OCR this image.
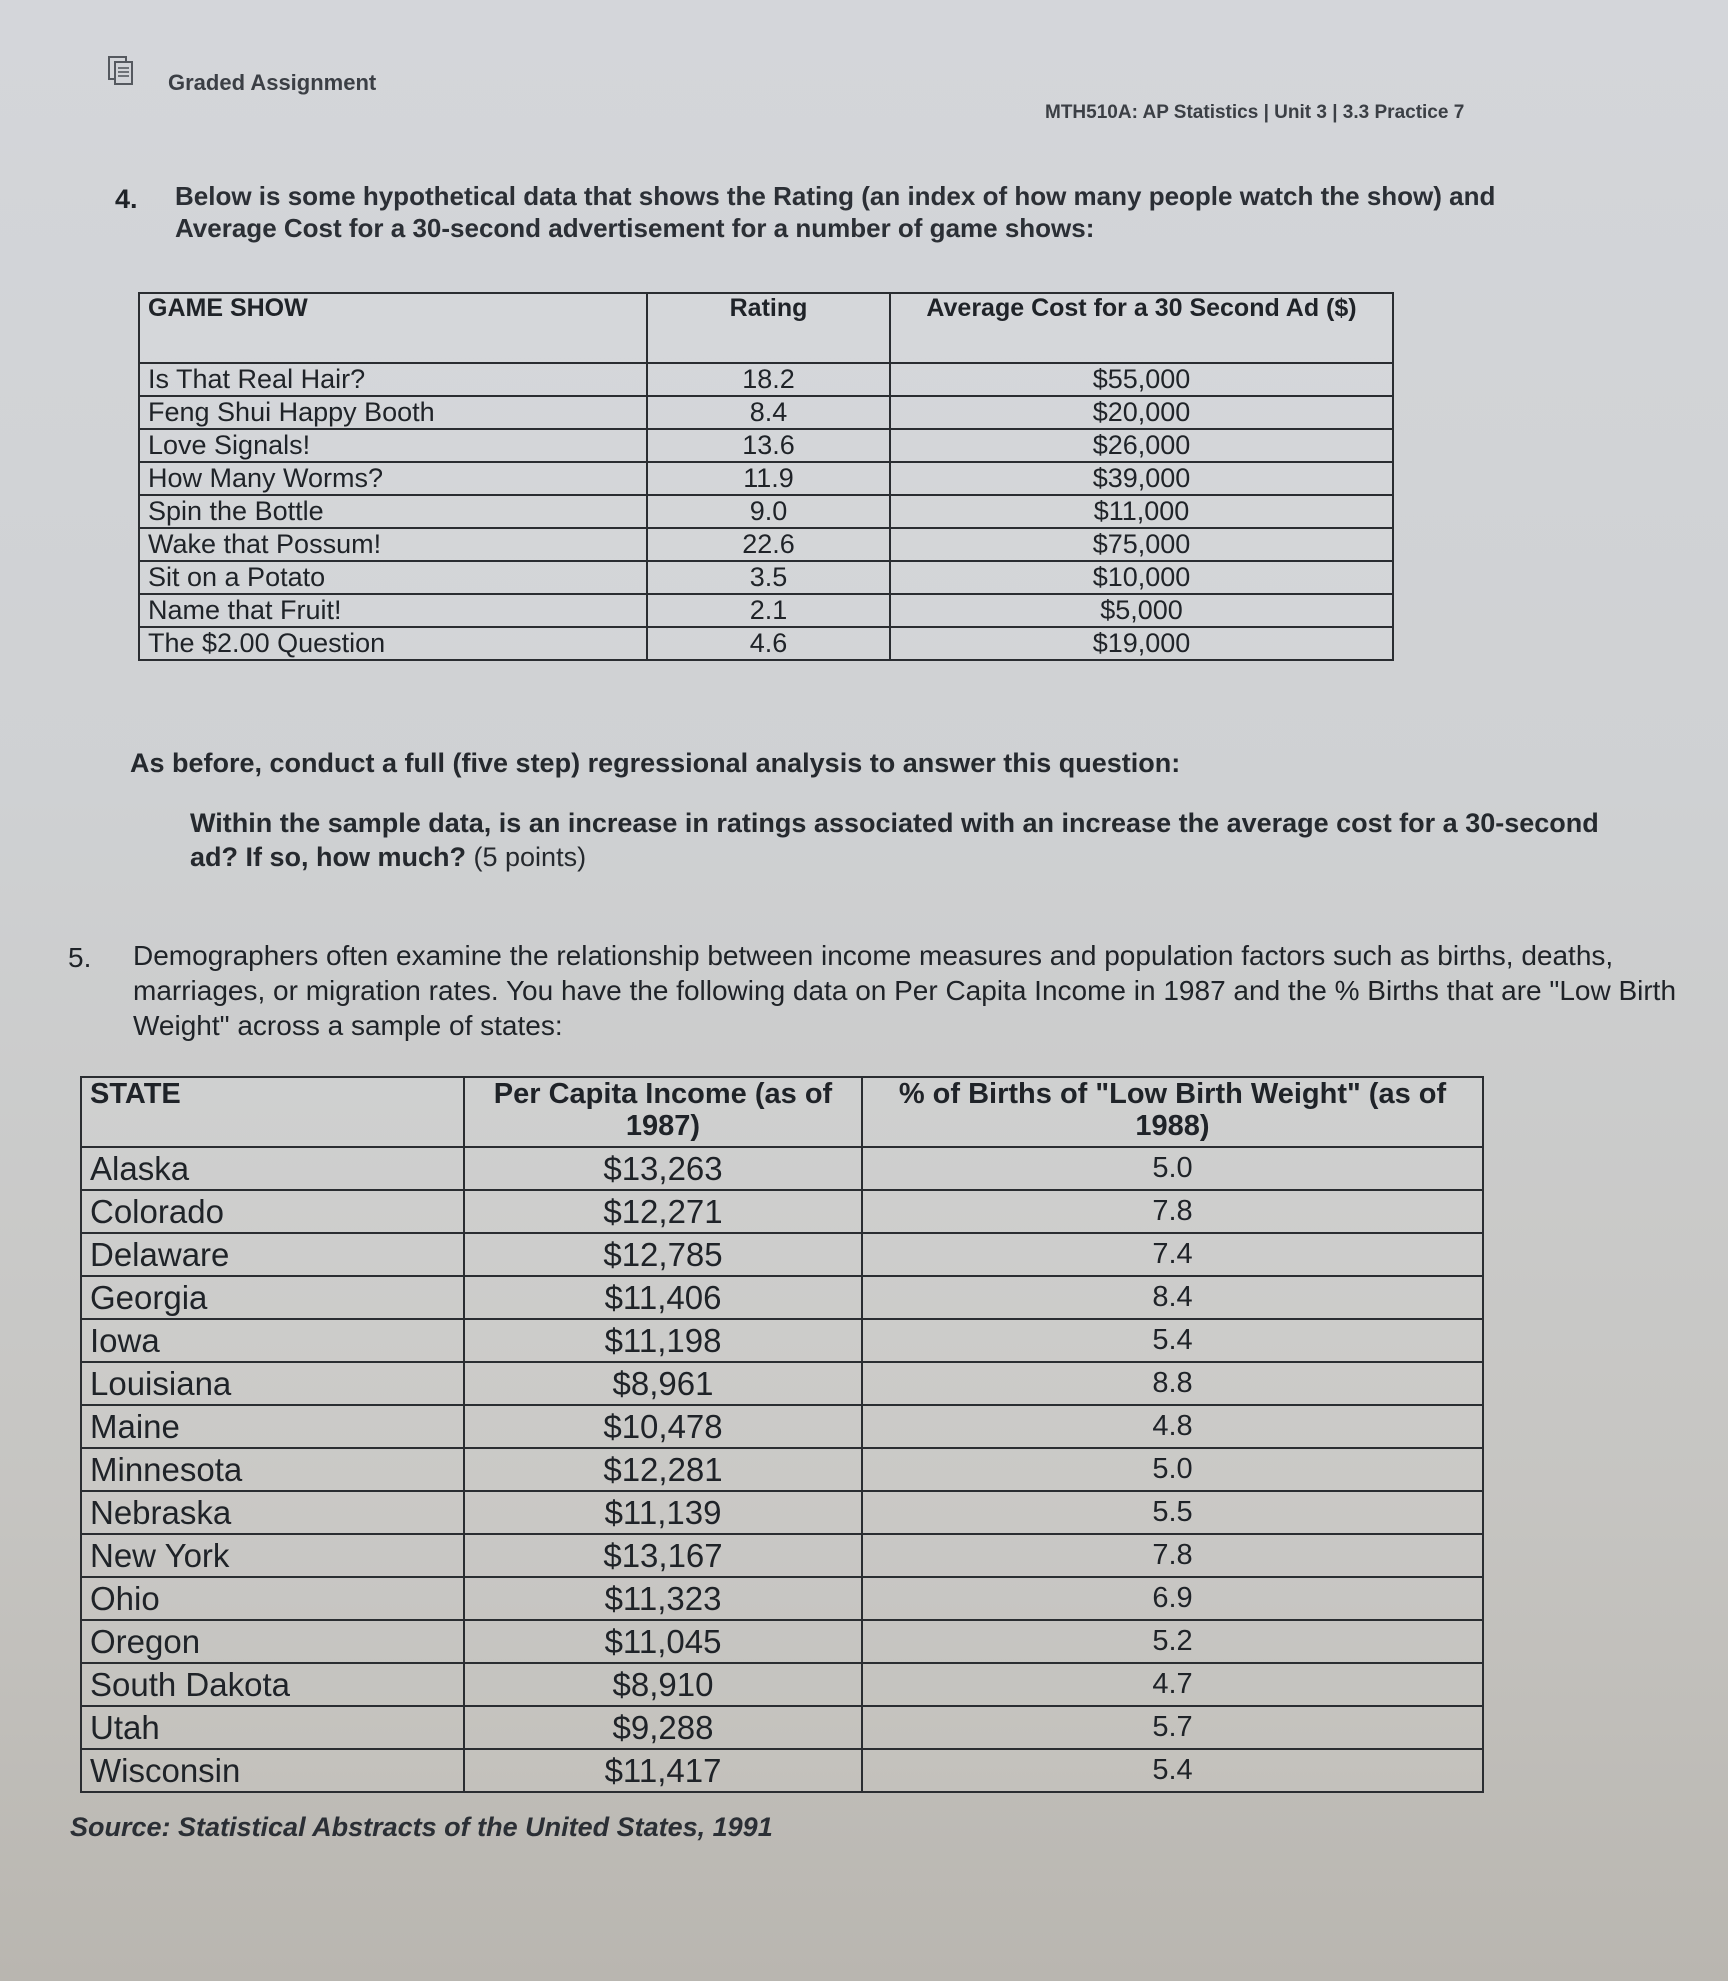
Graded Assignment
MTH510A: AP Statistics | Unit 3 | 3.3 Practice 7
4. Below is some hypothetical data that shows the Rating (an index of how many people watch the show) and Average Cost for a 30-second advertisement for a number of game shows:
GAME SHOW	Rating	Average Cost for a 30 Second Ad ($)
Is That Real Hair?	18.2	$55,000
Feng Shui Happy Booth	8.4	$20,000
Love Signals!	13.6	$26,000
How Many Worms?	11.9	$39,000
Spin the Bottle	9.0	$11,000
Wake that Possum!	22.6	$75,000
Sit on a Potato	3.5	$10,000
Name that Fruit!	2.1	$5,000
The $2.00 Question	4.6	$19,000
As before, conduct a full (five step) regressional analysis to answer this question:
Within the sample data, is an increase in ratings associated with an increase the average cost for a 30-second ad? If so, how much? (5 points)
5. Demographers often examine the relationship between income measures and population factors such as births, deaths, marriages, or migration rates. You have the following data on Per Capita Income in 1987 and the % Births that are "Low Birth Weight" across a sample of states:
STATE	Per Capita Income (as of 1987)	% of Births of "Low Birth Weight" (as of 1988)
Alaska	$13,263	5.0
Colorado	$12,271	7.8
Delaware	$12,785	7.4
Georgia	$11,406	8.4
Iowa	$11,198	5.4
Louisiana	$8,961	8.8
Maine	$10,478	4.8
Minnesota	$12,281	5.0
Nebraska	$11,139	5.5
New York	$13,167	7.8
Ohio	$11,323	6.9
Oregon	$11,045	5.2
South Dakota	$8,910	4.7
Utah	$9,288	5.7
Wisconsin	$11,417	5.4
Source: Statistical Abstracts of the United States, 1991
